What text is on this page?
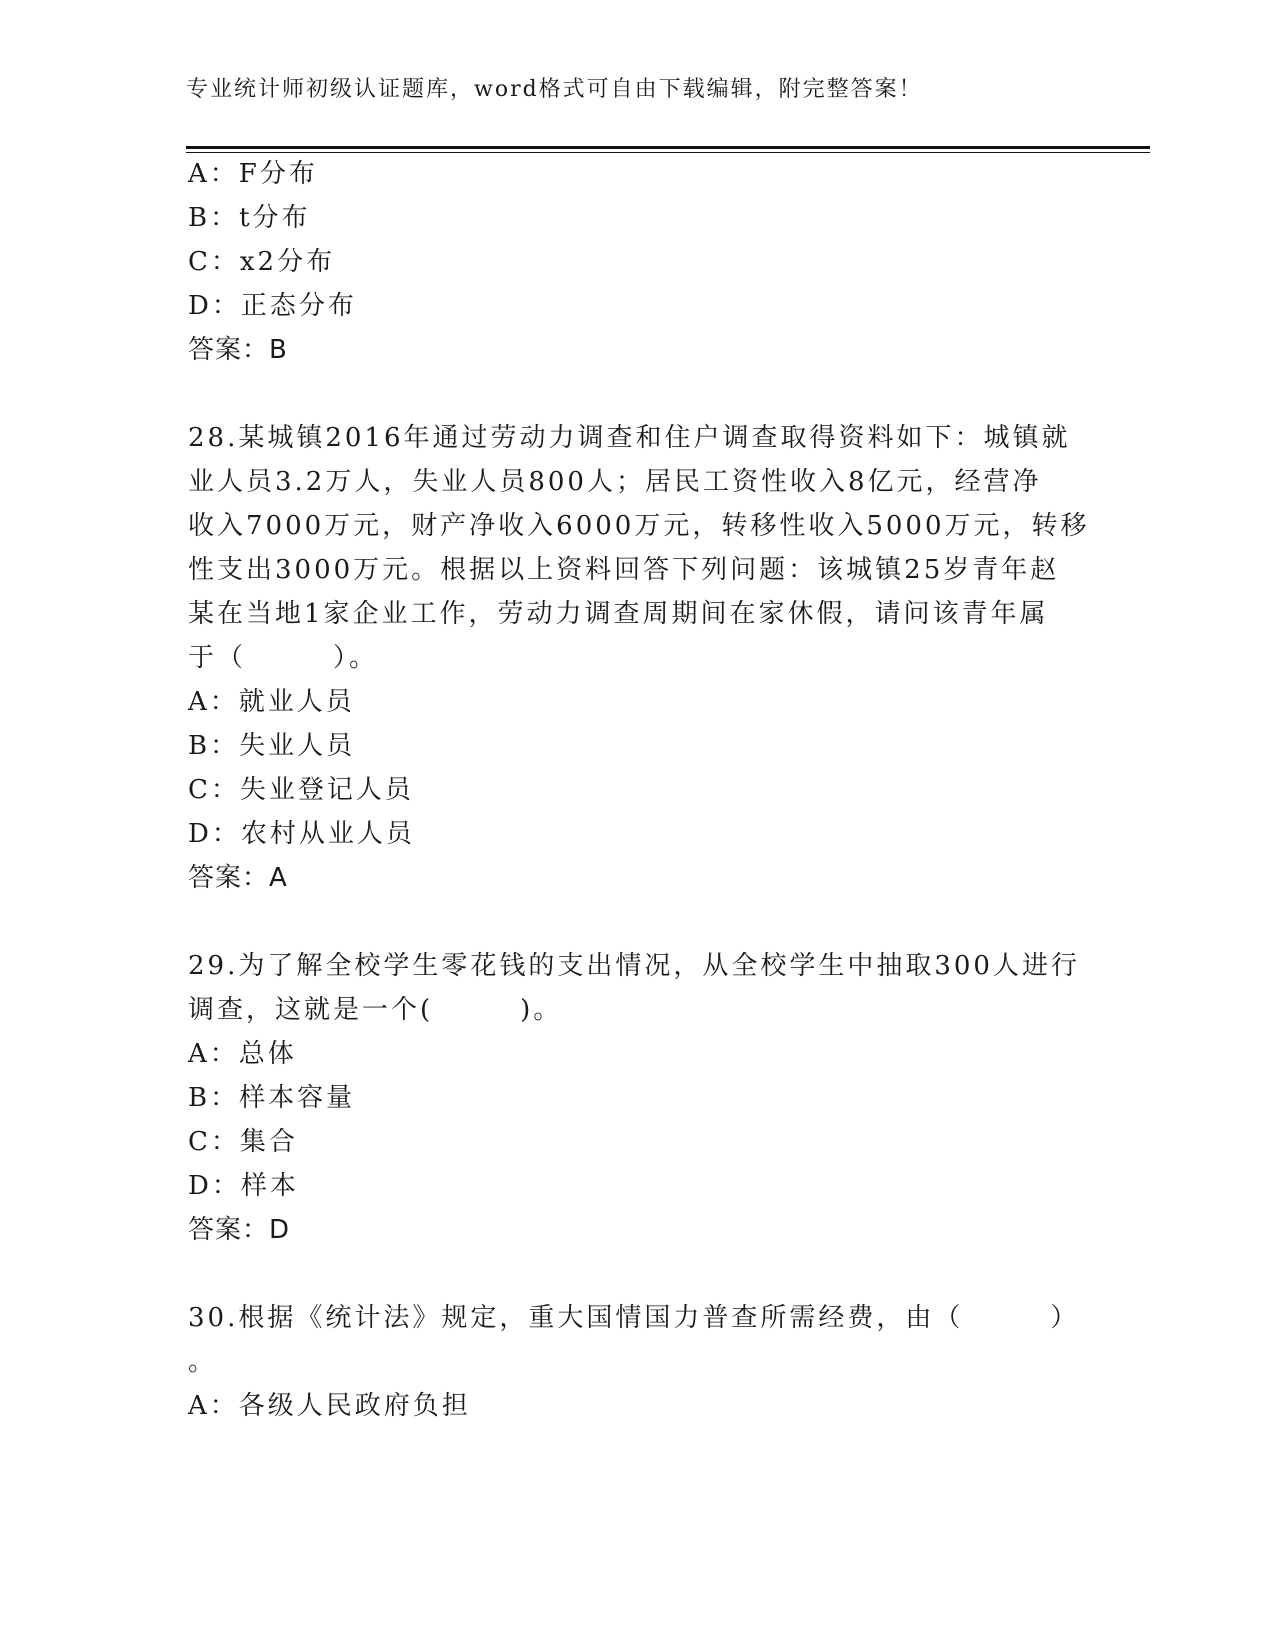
专业统计师初级认证题库，word格式可自由下载编辑，附完整答案！
A：F分布
B：t分布
C：x2分布
D：正态分布
答案：B
28.某城镇2016年通过劳动力调查和住户调查取得资料如下：城镇就
业人员3.2万人，失业人员800人；居民工资性收入8亿元，经营净
收入7000万元，财产净收入6000万元，转移性收入5000万元，转移
性支出3000万元。根据以上资料回答下列问题：该城镇25岁青年赵
某在当地1家企业工作，劳动力调查周期间在家休假，请问该青年属
于（　　　）。
A：就业人员
B：失业人员
C：失业登记人员
D：农村从业人员
答案：A
29.为了解全校学生零花钱的支出情况，从全校学生中抽取300人进行
调查，这就是一个(　　　)。
A：总体
B：样本容量
C：集合
D：样本
答案：D
30.根据《统计法》规定，重大国情国力普查所需经费，由（　　　）
。
A：各级人民政府负担
